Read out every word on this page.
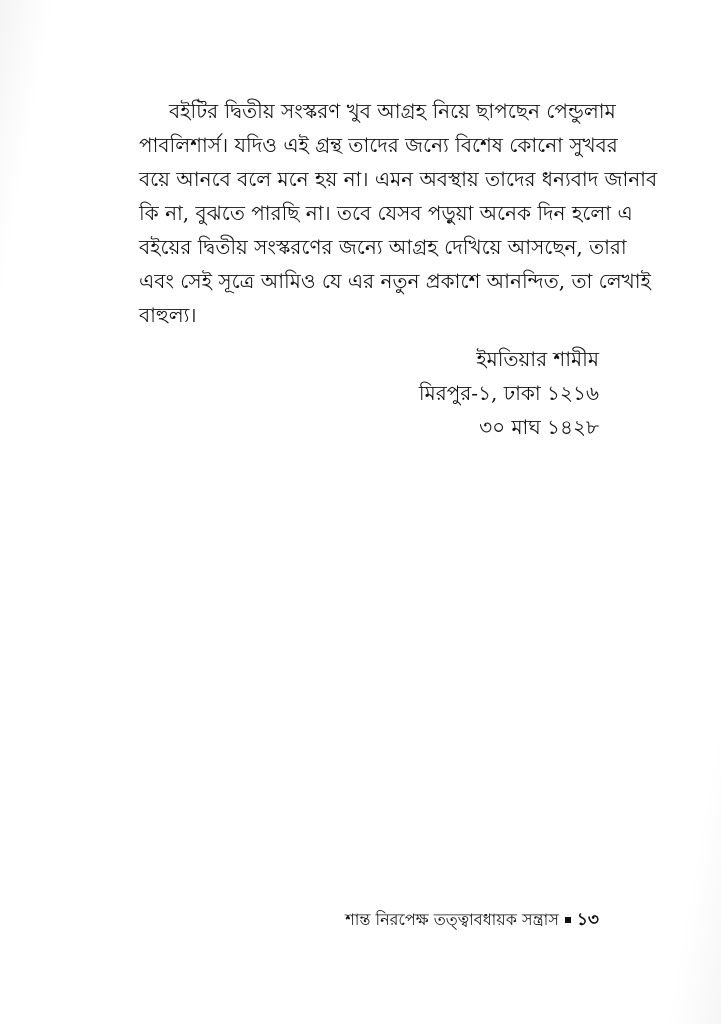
বইটির দ্বিতীয় সংস্করণ খুব আগ্রহ নিয়ে ছাপছেন পেন্ডুলাম
পাবলিশার্স। যদিও এই গ্রন্থ তাদের জন্যে বিশেষ কোনো সুখবর
বয়ে আনবে বলে মনে হয় না। এমন অবস্থায় তাদের ধন্যবাদ জানাব
কি না, বুঝতে পারছি না। তবে যেসব পড়ুয়া অনেক দিন হলো এ
বইয়ের দ্বিতীয় সংস্করণের জন্যে আগ্রহ দেখিয়ে আসছেন, তারা
এবং সেই সূত্রে আমিও যে এর নতুন প্রকাশে আনন্দিত, তা লেখাই
বাহুল্য।
ইমতিয়ার শামীম
মিরপুর-১, ঢাকা ১২১৬
৩০ মাঘ ১৪২৮
শান্ত নিরপেক্ষ তত্ত্বাবধায়ক সন্ত্রাস ১৩
